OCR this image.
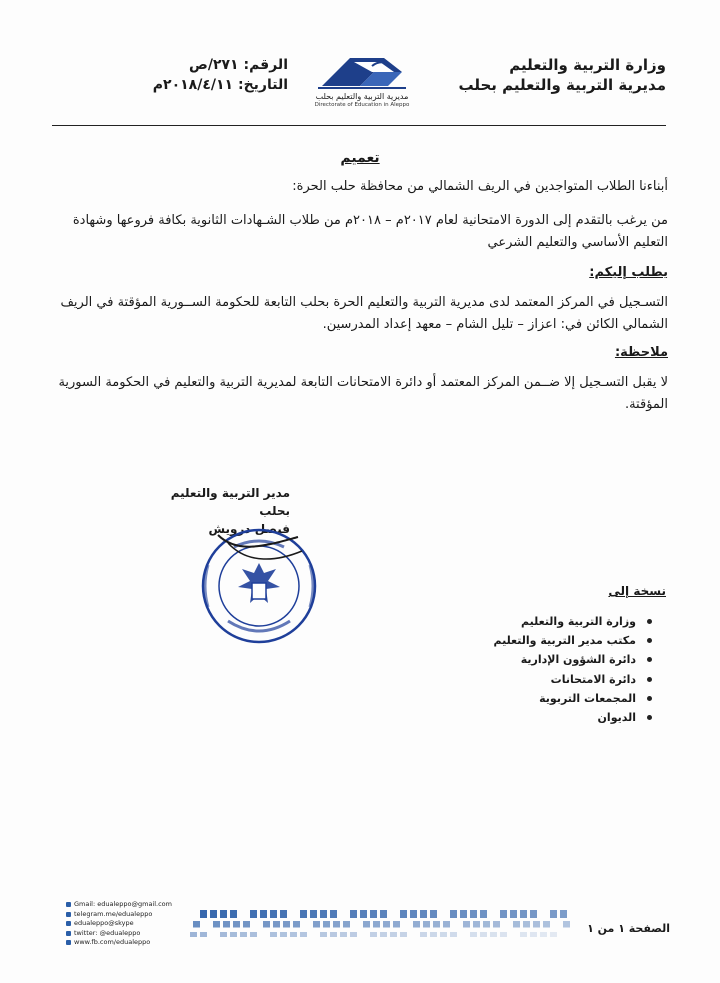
وزارة التربية والتعليم
مديرية التربية والتعليم بحلب
مديرية التربية والتعليم بحلب
Directorate of Education in Aleppo
الرقم: ٢٧١/ص
التاريخ: ٢٠١٨/٤/١١م
تعميم
أبناءنا الطلاب المتواجدين في الريف الشمالي من محافظة حلب الحرة:
من يرغب بالتقدم إلى الدورة الامتحانية لعام ٢٠١٧م – ٢٠١٨م من طلاب الشـهادات الثانوية بكافة فروعها وشهادة التعليم الأساسي والتعليم الشرعي
يطلب إليكم:
التسـجيل في المركز المعتمد لدى مديرية التربية والتعليم الحرة بحلب التابعة للحكومة الســورية المؤقتة في الريف الشمالي الكائن في: اعزاز – تليل الشام – معهد إعداد المدرسين.
ملاحظة:
لا يقبل التسـجيل إلا ضــمن المركز المعتمد أو دائرة الامتحانات التابعة لمديرية التربية والتعليم في الحكومة السورية المؤقتة.
مدير التربية والتعليم بحلب
فيصل درويش
نسخة إلى
وزارة التربية والتعليم
مكتب مدير التربية والتعليم
دائرة الشؤون الإدارية
دائرة الامتحانات
المجمعات التربوية
الديوان
Gmail: edualeppo@gmail.com
telegram.me/edualeppo
edualeppo@skype
twitter: @edualeppo
www.fb.com/edualeppo
الصفحة ١ من ١
